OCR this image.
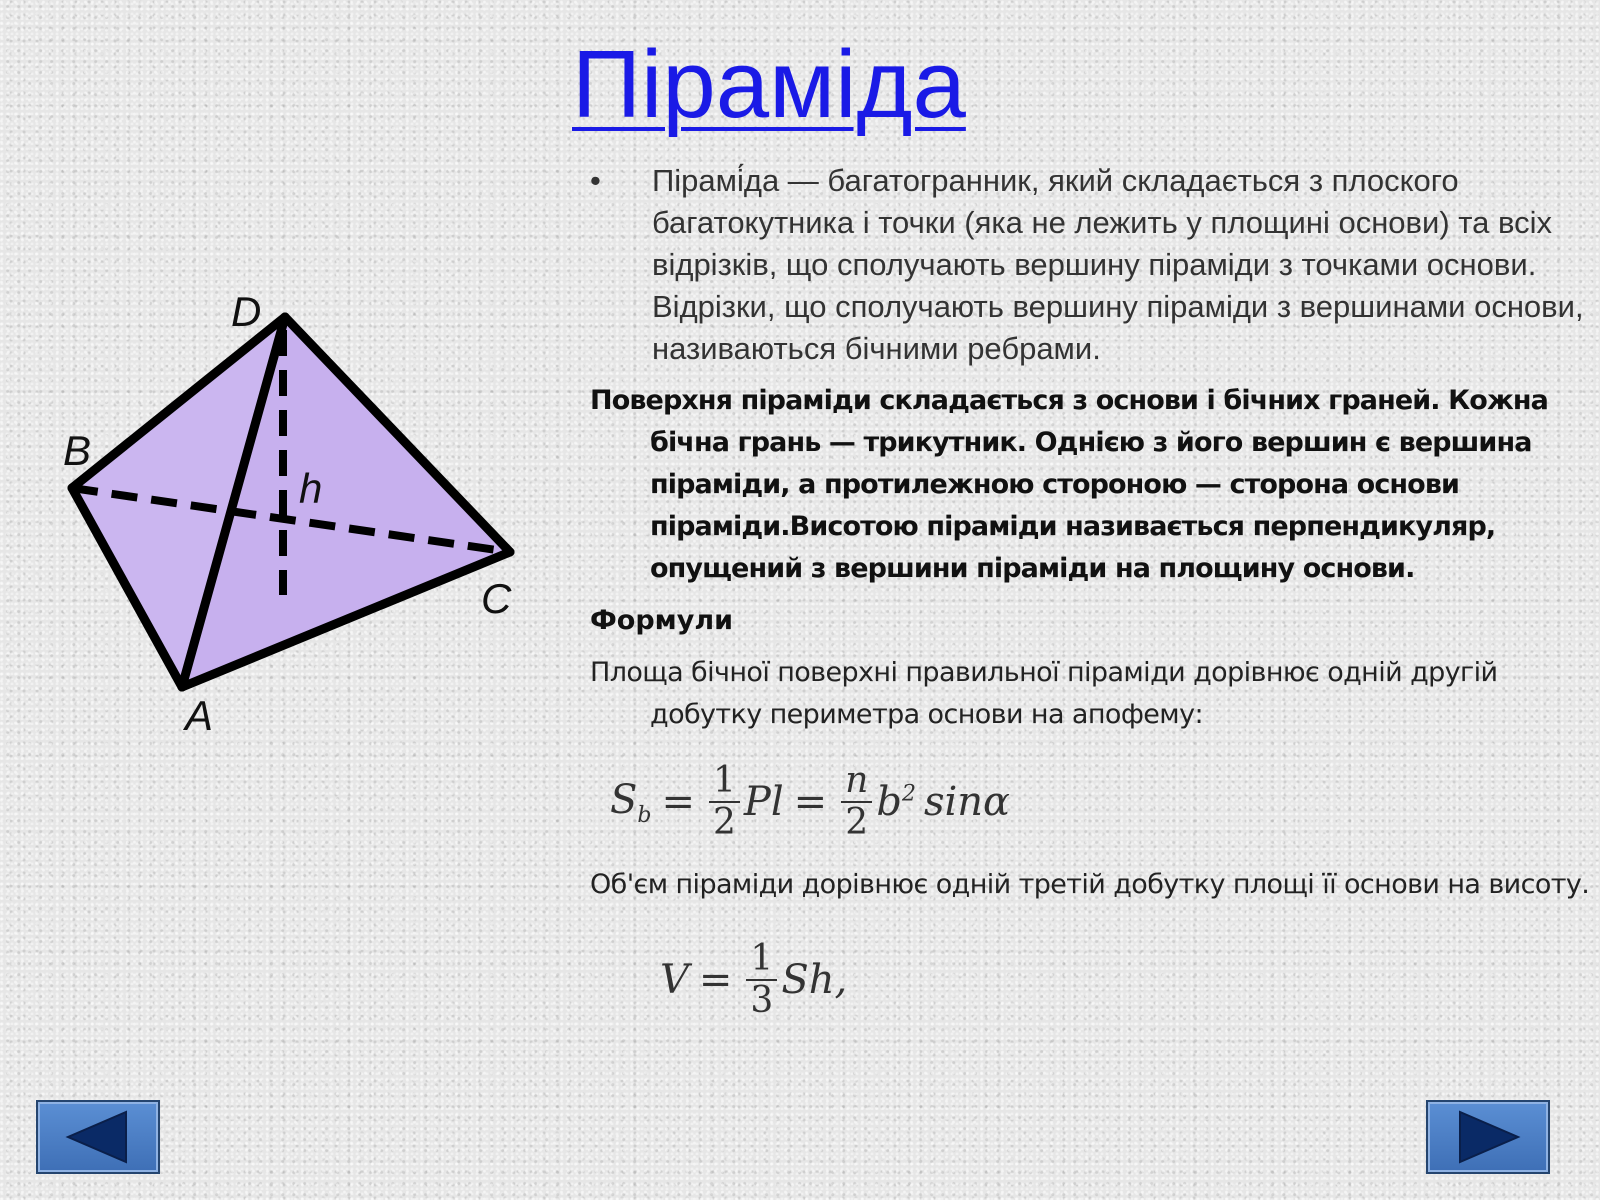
Піраміда
D
B
C
A
h
• Пірамі́да — багатогранник, який складається з плоского багатокутника і точки (яка не лежить у площині основи) та всіх відрізків, що сполучають вершину піраміди з точками основи. Відрізки, що сполучають вершину піраміди з вершинами основи, називаються бічними ребрами.
Поверхня піраміди складається з основи і бічних граней. Кожна бічна грань — трикутник. Однією з його вершин є вершина піраміди, а протилежною стороною — сторона основи піраміди.Висотою піраміди називається перпендикуляр, опущений з вершини піраміди на площину основи.
Формули
Площа бічної поверхні правильної піраміди дорівнює одній другій добутку периметра основи на апофему:
$S_b = \frac{1}{2}$ $Pl = \frac{n}{2} b^2$ sinα
Об'єм піраміди дорівнює одній третій добутку площі її основи на висоту.
$V = \frac{1}{3} Sh$,
